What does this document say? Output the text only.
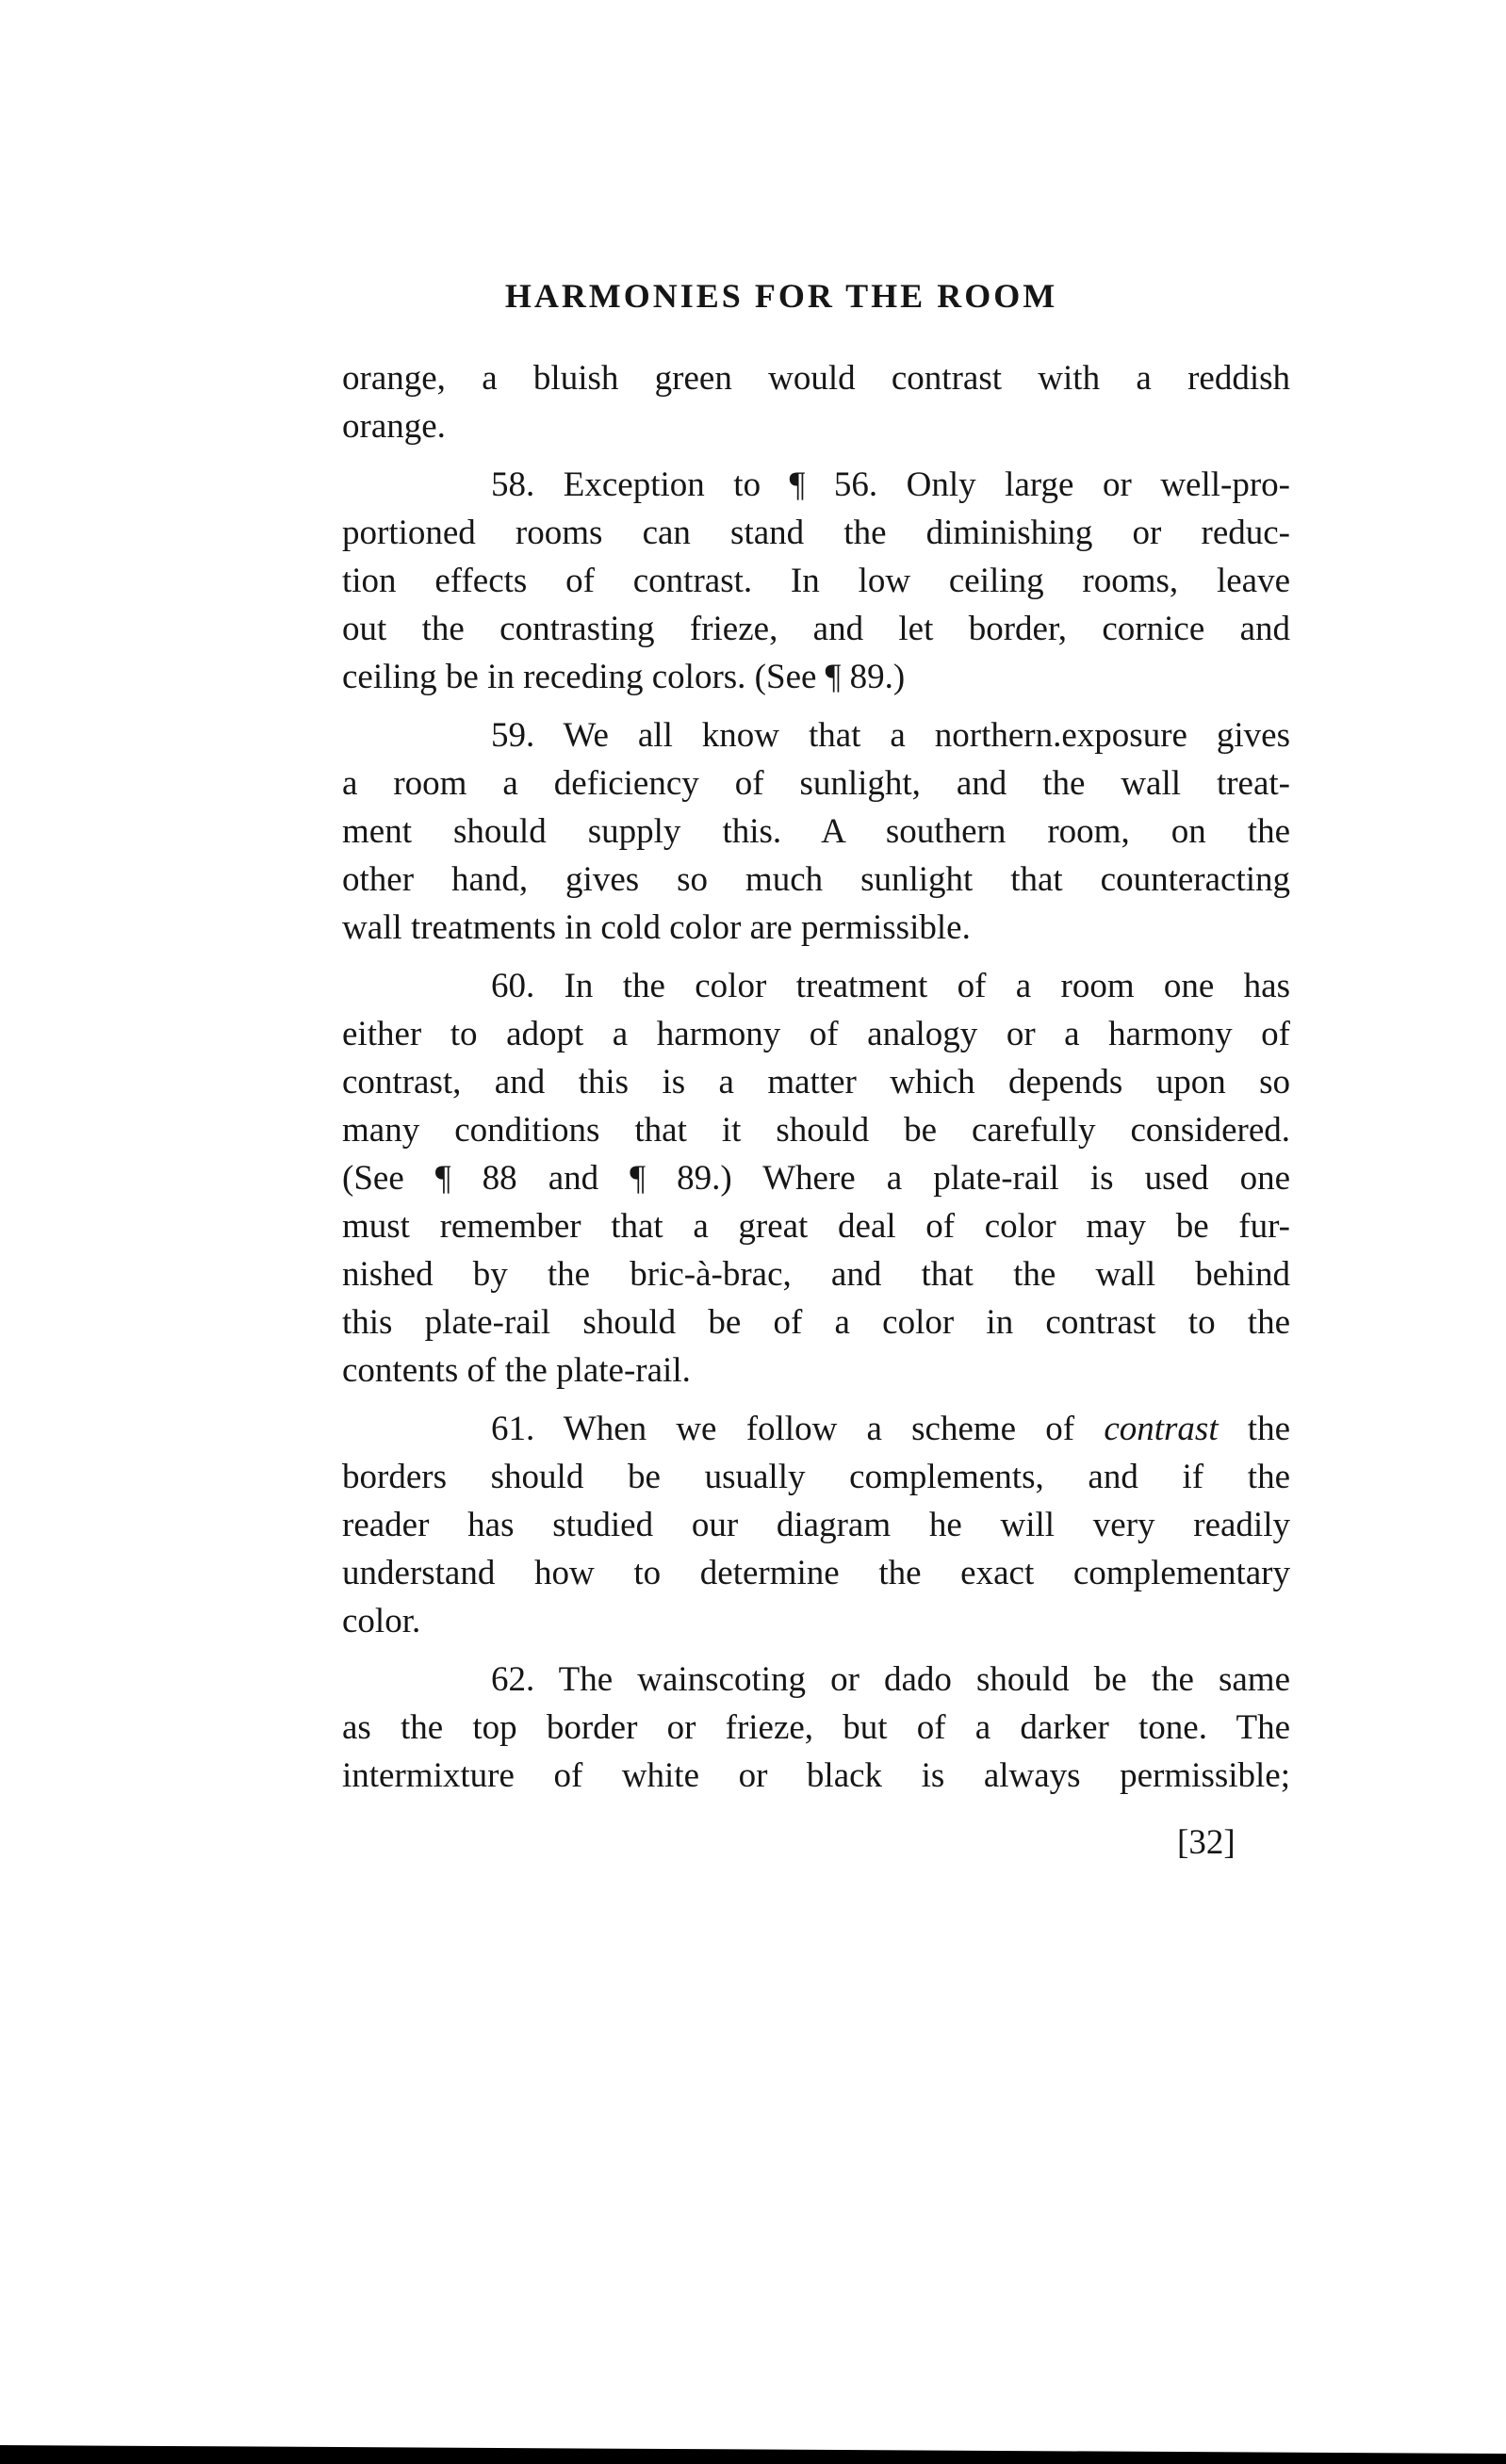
HARMONIES FOR THE ROOM
orange, a bluish green would contrast with a reddish
orange.
58. Exception to ¶ 56. Only large or well-pro-
portioned rooms can stand the diminishing or reduc-
tion effects of contrast. In low ceiling rooms, leave
out the contrasting frieze, and let border, cornice and
ceiling be in receding colors. (See ¶ 89.)
59. We all know that a northern.exposure gives
a room a deficiency of sunlight, and the wall treat-
ment should supply this. A southern room, on the
other hand, gives so much sunlight that counteracting
wall treatments in cold color are permissible.
60. In the color treatment of a room one has
either to adopt a harmony of analogy or a harmony of
contrast, and this is a matter which depends upon so
many conditions that it should be carefully considered.
(See ¶ 88 and ¶ 89.) Where a plate-rail is used one
must remember that a great deal of color may be fur-
nished by the bric-à-brac, and that the wall behind
this plate-rail should be of a color in contrast to the
contents of the plate-rail.
61. When we follow a scheme of contrast the
borders should be usually complements, and if the
reader has studied our diagram he will very readily
understand how to determine the exact complementary
color.
62. The wainscoting or dado should be the same
as the top border or frieze, but of a darker tone. The
intermixture of white or black is always permissible;
[32]
